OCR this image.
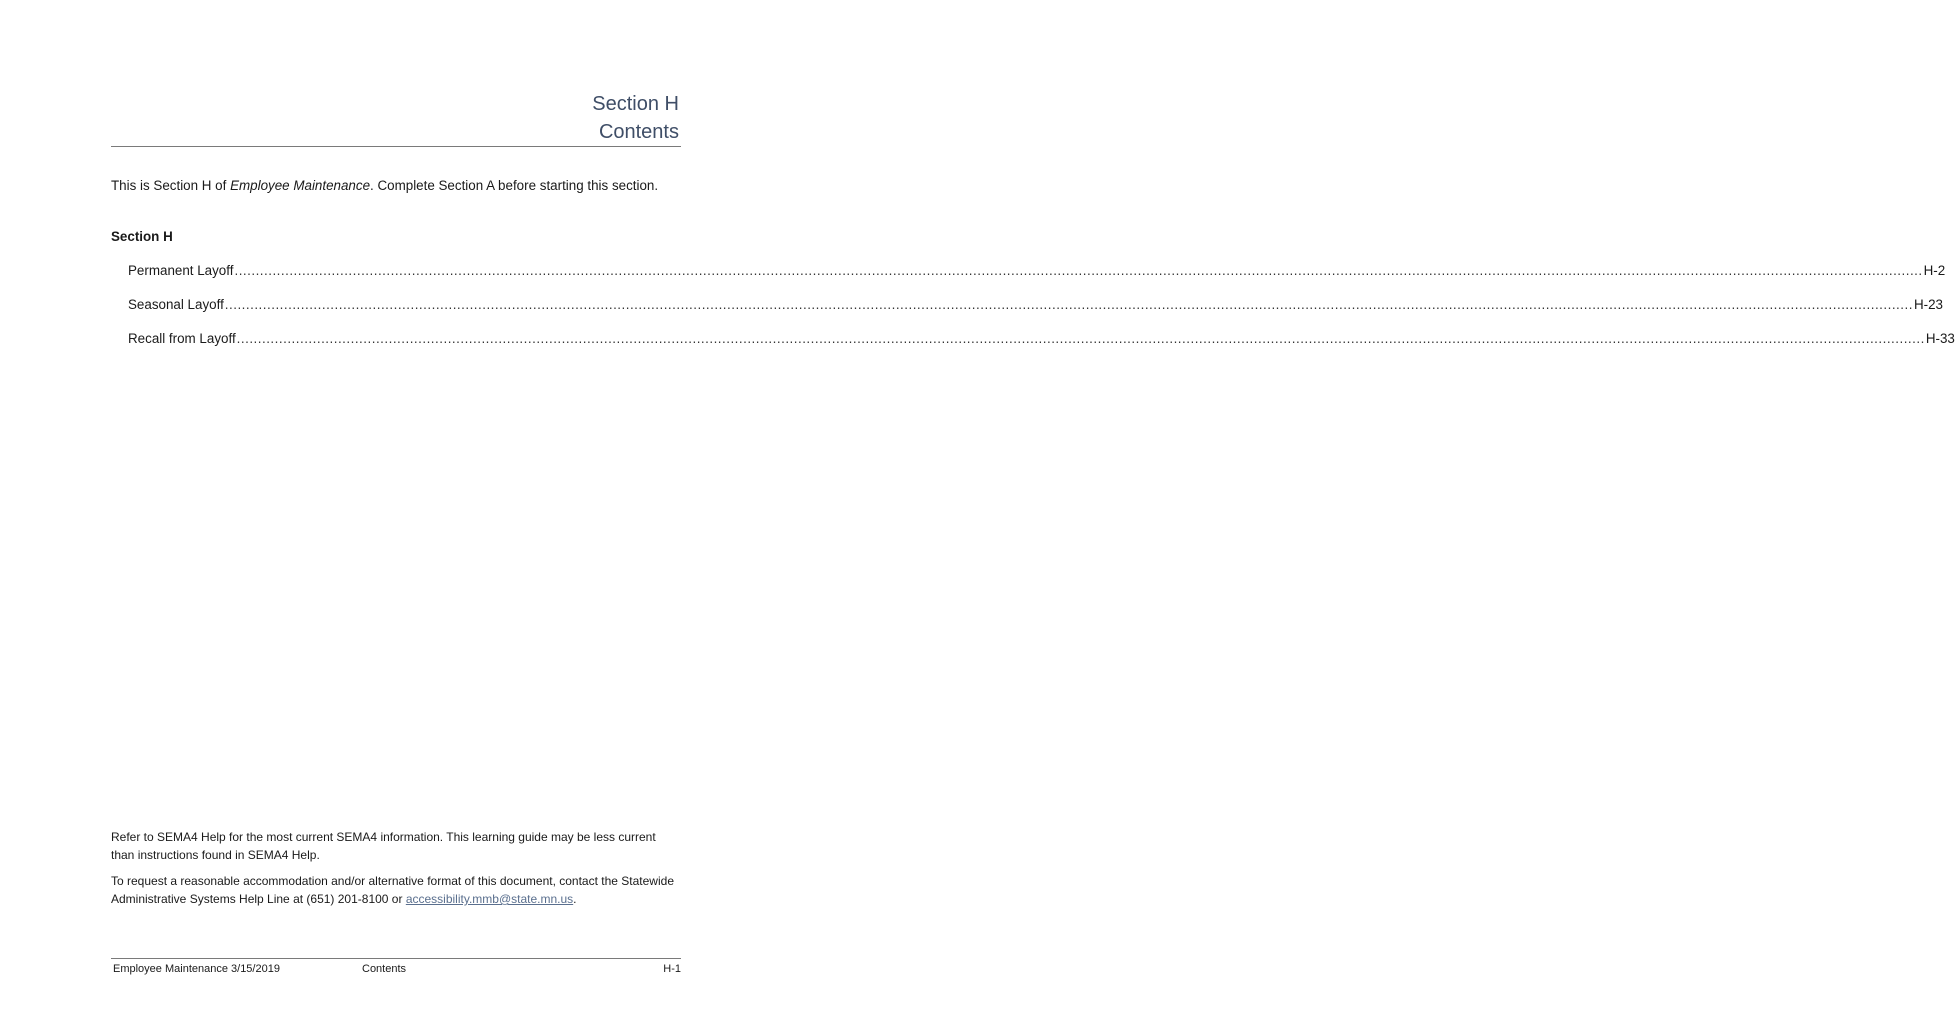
Section H
Contents
This is Section H of Employee Maintenance. Complete Section A before starting this section.
Section H
Permanent Layoff ................................................................................................................................................................................................................................................................................................................................................................................................................ H-2
Seasonal Layoff ................................................................................................................................................................................................................................................................................................................................................................................................................ H-23
Recall from Layoff ................................................................................................................................................................................................................................................................................................................................................................................................................ H-33

Refer to SEMA4 Help for the most current SEMA4 information. This learning guide may be less current than instructions found in SEMA4 Help.

To request a reasonable accommodation and/or alternative format of this document, contact the Statewide Administrative Systems Help Line at (651) 201-8100 or accessibility.mmb@state.mn.us.

Employee Maintenance 3/15/2019	Contents	H-1
